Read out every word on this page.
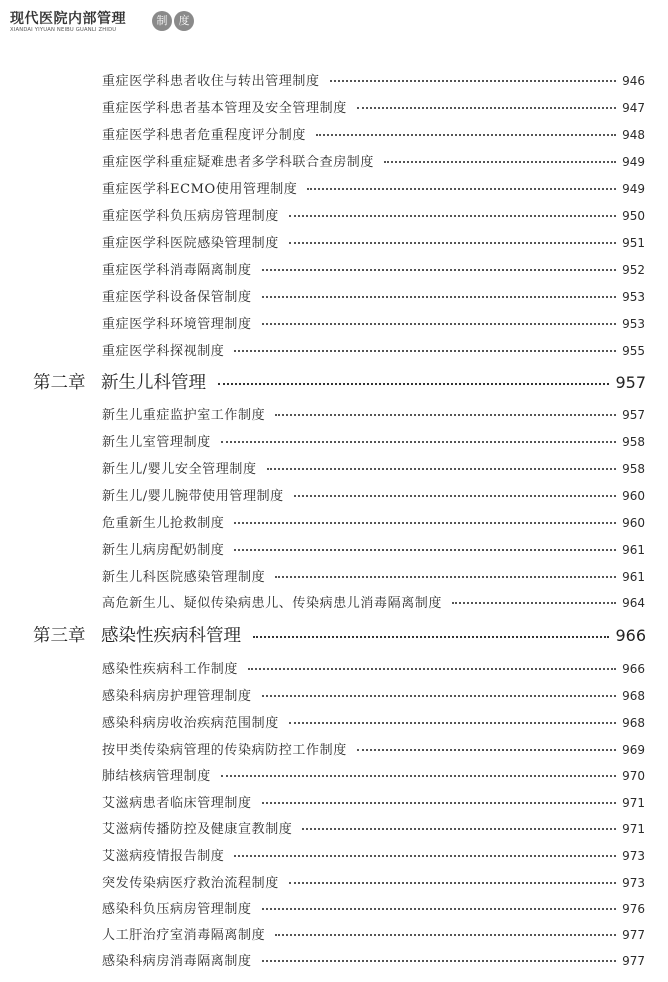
现代医院内部管理
XIANDAI YIYUAN NEIBU GUANLI ZHIDU
制	度
重症医学科患者收住与转出管理制度	946
重症医学科患者基本管理及安全管理制度	947
重症医学科患者危重程度评分制度	948
重症医学科重症疑难患者多学科联合查房制度	949
重症医学科ECMO使用管理制度	949
重症医学科负压病房管理制度	950
重症医学科医院感染管理制度	951
重症医学科消毒隔离制度	952
重症医学科设备保管制度	953
重症医学科环境管理制度	953
重症医学科探视制度	955
第二章 新生儿科管理	957
新生儿重症监护室工作制度	957
新生儿室管理制度	958
新生儿/婴儿安全管理制度	958
新生儿/婴儿腕带使用管理制度	960
危重新生儿抢救制度	960
新生儿病房配奶制度	961
新生儿科医院感染管理制度	961
高危新生儿、疑似传染病患儿、传染病患儿消毒隔离制度	964
第三章 感染性疾病科管理	966
感染性疾病科工作制度	966
感染科病房护理管理制度	968
感染科病房收治疾病范围制度	968
按甲类传染病管理的传染病防控工作制度	969
肺结核病管理制度	970
艾滋病患者临床管理制度	971
艾滋病传播防控及健康宣教制度	971
艾滋病疫情报告制度	973
突发传染病医疗救治流程制度	973
感染科负压病房管理制度	976
人工肝治疗室消毒隔离制度	977
感染科病房消毒隔离制度	977
